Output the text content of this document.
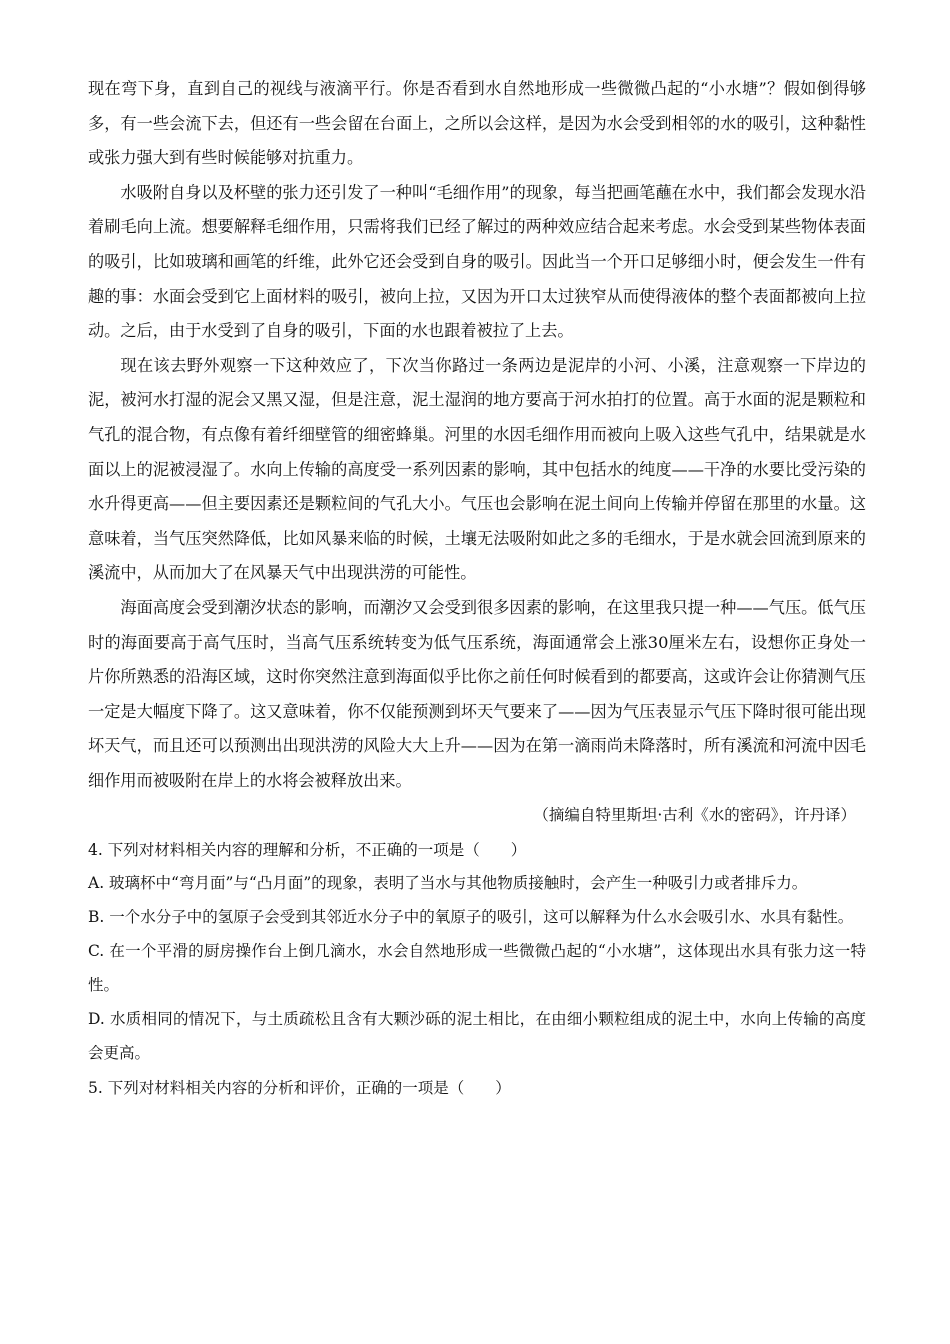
现在弯下身，直到自己的视线与液滴平行。你是否看到水自然地形成一些微微凸起的“小水塘”？假如倒得够多，有一些会流下去，但还有一些会留在台面上，之所以会这样，是因为水会受到相邻的水的吸引，这种黏性或张力强大到有些时候能够对抗重力。

水吸附自身以及杯壁的张力还引发了一种叫“毛细作用”的现象，每当把画笔蘸在水中，我们都会发现水沿着刷毛向上流。想要解释毛细作用，只需将我们已经了解过的两种效应结合起来考虑。水会受到某些物体表面的吸引，比如玻璃和画笔的纤维，此外它还会受到自身的吸引。因此当一个开口足够细小时，便会发生一件有趣的事：水面会受到它上面材料的吸引，被向上拉，又因为开口太过狭窄从而使得液体的整个表面都被向上拉动。之后，由于水受到了自身的吸引，下面的水也跟着被拉了上去。

现在该去野外观察一下这种效应了，下次当你路过一条两边是泥岸的小河、小溪，注意观察一下岸边的泥，被河水打湿的泥会又黑又湿，但是注意，泥土湿润的地方要高于河水拍打的位置。高于水面的泥是颗粒和气孔的混合物，有点像有着纤细壁管的细密蜂巢。河里的水因毛细作用而被向上吸入这些气孔中，结果就是水面以上的泥被浸湿了。水向上传输的高度受一系列因素的影响，其中包括水的纯度——干净的水要比受污染的水升得更高——但主要因素还是颗粒间的气孔大小。气压也会影响在泥土间向上传输并停留在那里的水量。这意味着，当气压突然降低，比如风暴来临的时候，土壤无法吸附如此之多的毛细水，于是水就会回流到原来的溪流中，从而加大了在风暴天气中出现洪涝的可能性。

海面高度会受到潮汐状态的影响，而潮汐又会受到很多因素的影响，在这里我只提一种——气压。低气压时的海面要高于高气压时，当高气压系统转变为低气压系统，海面通常会上涨30厘米左右，设想你正身处一片你所熟悉的沿海区域，这时你突然注意到海面似乎比你之前任何时候看到的都要高，这或许会让你猜测气压一定是大幅度下降了。这又意味着，你不仅能预测到坏天气要来了——因为气压表显示气压下降时很可能出现坏天气，而且还可以预测出出现洪涝的风险大大上升——因为在第一滴雨尚未降落时，所有溪流和河流中因毛细作用而被吸附在岸上的水将会被释放出来。

（摘编自特里斯坦·古利《水的密码》，许丹译）

4. 下列对材料相关内容的理解和分析，不正确的一项是（　　）

A. 玻璃杯中“弯月面”与“凸月面”的现象，表明了当水与其他物质接触时，会产生一种吸引力或者排斥力。

B. 一个水分子中的氢原子会受到其邻近水分子中的氧原子的吸引，这可以解释为什么水会吸引水、水具有黏性。

C. 在一个平滑的厨房操作台上倒几滴水，水会自然地形成一些微微凸起的“小水塘”，这体现出水具有张力这一特性。

D. 水质相同的情况下，与土质疏松且含有大颗沙砾的泥土相比，在由细小颗粒组成的泥土中，水向上传输的高度会更高。

5. 下列对材料相关内容的分析和评价，正确的一项是（　　）
